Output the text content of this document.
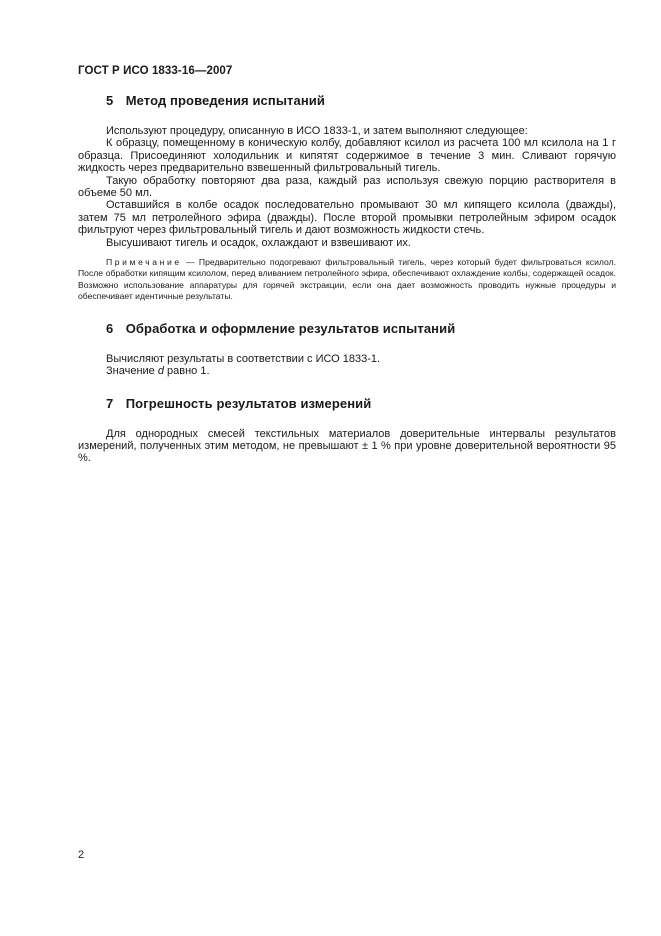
ГОСТ Р ИСО 1833-16—2007
5 Метод проведения испытаний

Используют процедуру, описанную в ИСО 1833-1, и затем выполняют следующее:

К образцу, помещенному в коническую колбу, добавляют ксилол из расчета 100 мл ксилола на 1 г образца. Присоединяют холодильник и кипятят содержимое в течение 3 мин. Сливают горячую жидкость через предварительно взвешенный фильтровальный тигель.

Такую обработку повторяют два раза, каждый раз используя свежую порцию растворителя в объеме 50 мл.

Оставшийся в колбе осадок последовательно промывают 30 мл кипящего ксилола (дважды), затем 75 мл петролейного эфира (дважды). После второй промывки петролейным эфиром осадок фильтруют через фильтровальный тигель и дают возможность жидкости стечь.

Высушивают тигель и осадок, охлаждают и взвешивают их.

Примечание — Предварительно подогревают фильтровальный тигель, через который будет фильтроваться ксилол. После обработки кипящим ксилолом, перед вливанием петролейного эфира, обеспечивают охлаждение колбы, содержащей осадок. Возможно использование аппаратуры для горячей экстракции, если она дает возможность проводить нужные процедуры и обеспечивает идентичные результаты.

6 Обработка и оформление результатов испытаний

Вычисляют результаты в соответствии с ИСО 1833-1.

Значение d равно 1.

7 Погрешность результатов измерений

Для однородных смесей текстильных материалов доверительные интервалы результатов измерений, полученных этим методом, не превышают ± 1 % при уровне доверительной вероятности 95 %.

2
